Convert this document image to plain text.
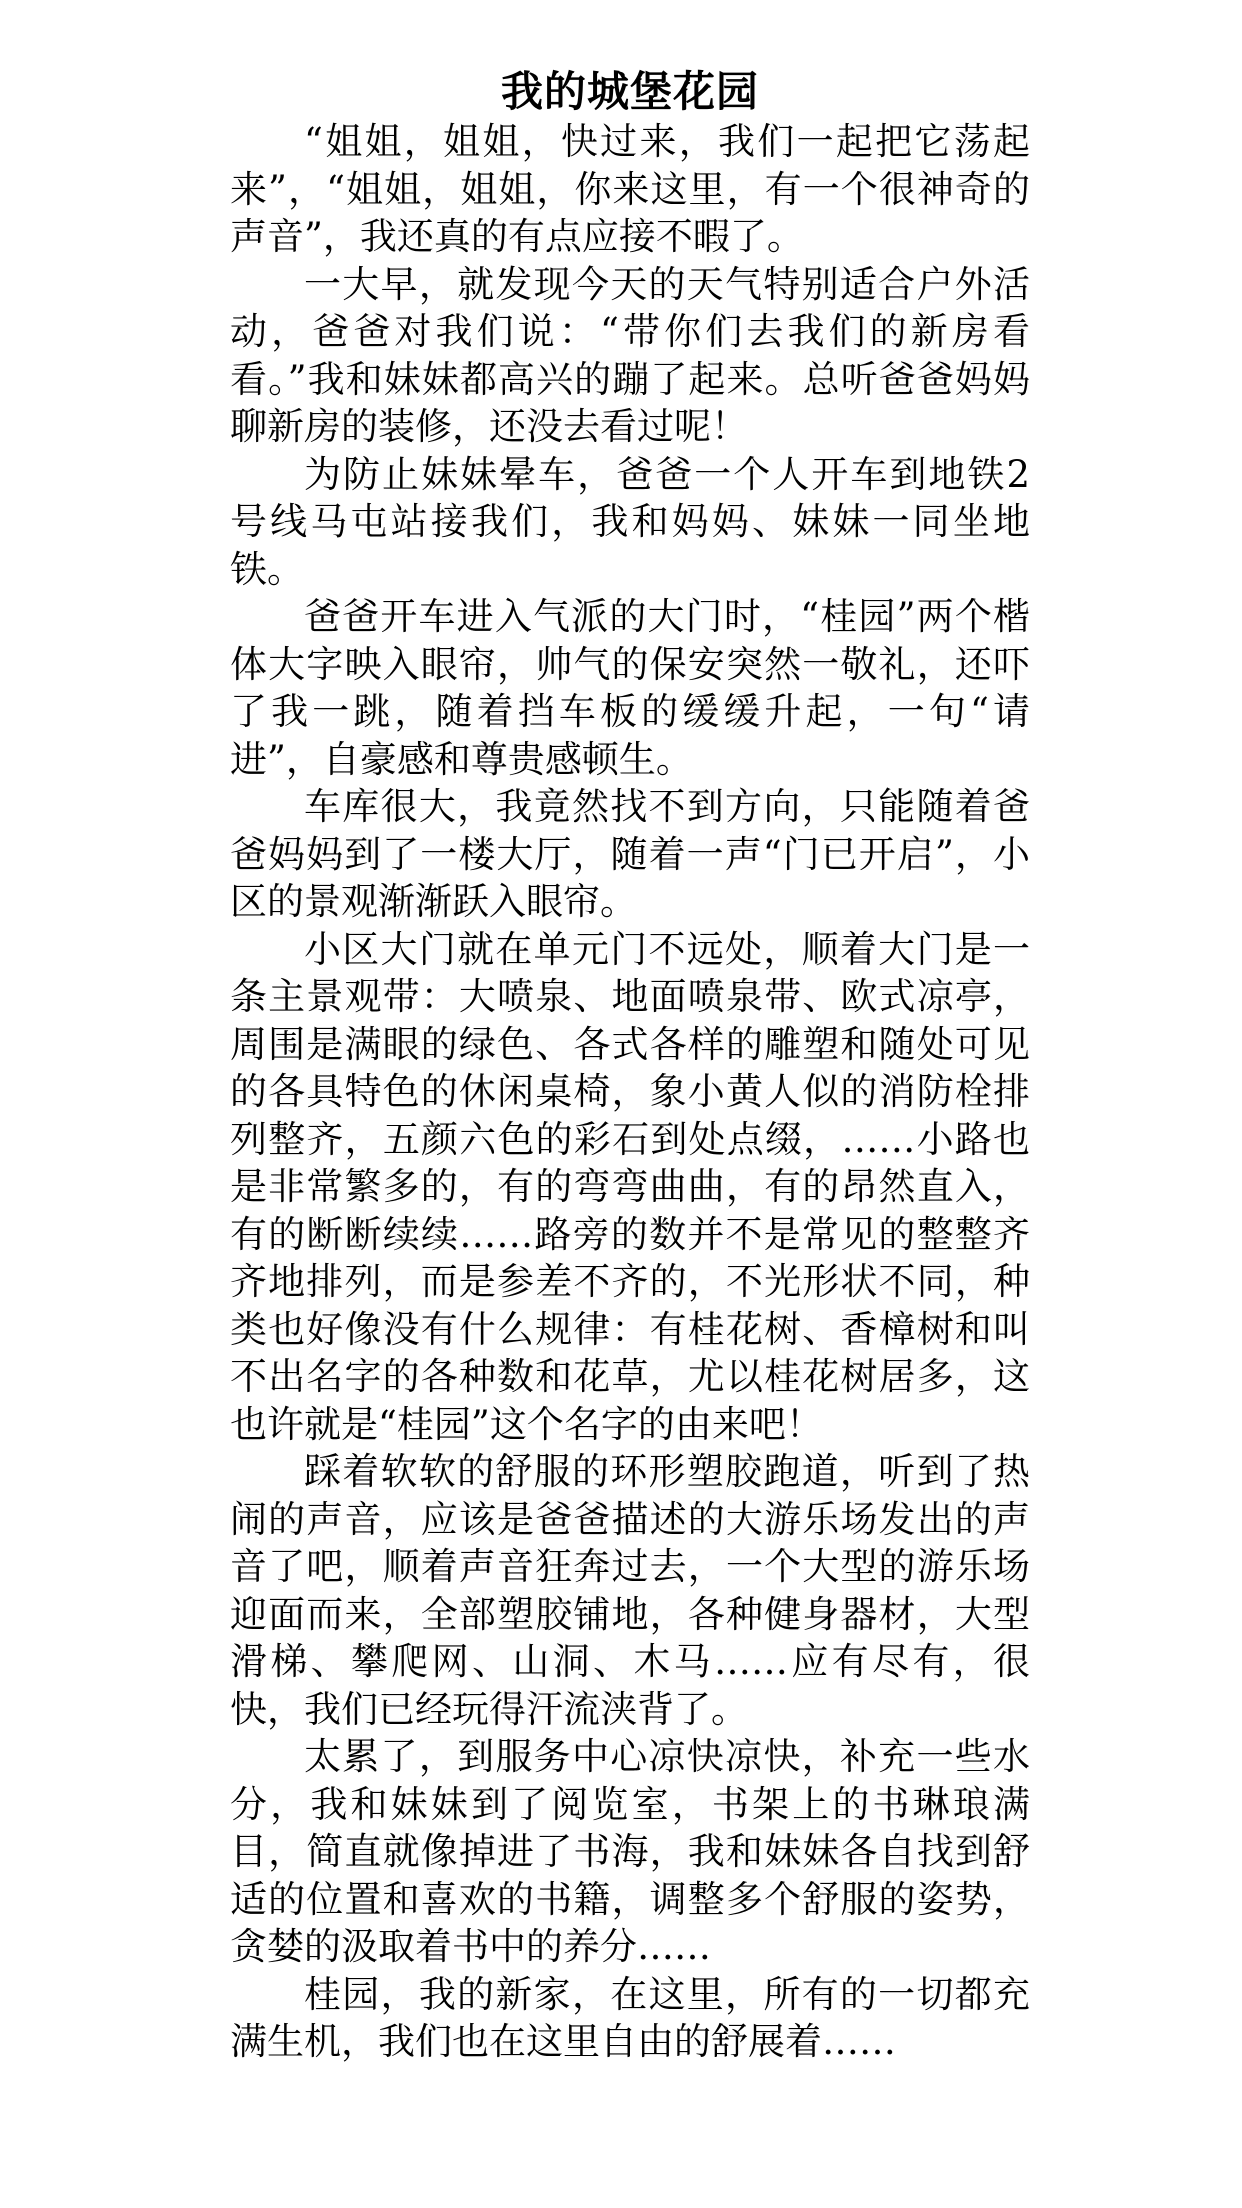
我的城堡花园

“姐姐，姐姐，快过来，我们一起把它荡起来”，“姐姐，姐姐，你来这里，有一个很神奇的声音”，我还真的有点应接不暇了。

一大早，就发现今天的天气特别适合户外活动，爸爸对我们说：“带你们去我们的新房看看。”我和妹妹都高兴的蹦了起来。总听爸爸妈妈聊新房的装修，还没去看过呢！

为防止妹妹晕车，爸爸一个人开车到地铁2号线马屯站接我们，我和妈妈、妹妹一同坐地铁。

爸爸开车进入气派的大门时，“桂园”两个楷体大字映入眼帘，帅气的保安突然一敬礼，还吓了我一跳，随着挡车板的缓缓升起，一句“请进”，自豪感和尊贵感顿生。

车库很大，我竟然找不到方向，只能随着爸爸妈妈到了一楼大厅，随着一声“门已开启”，小区的景观渐渐跃入眼帘。

小区大门就在单元门不远处，顺着大门是一条主景观带：大喷泉、地面喷泉带、欧式凉亭，周围是满眼的绿色、各式各样的雕塑和随处可见的各具特色的休闲桌椅，象小黄人似的消防栓排列整齐，五颜六色的彩石到处点缀，……小路也是非常繁多的，有的弯弯曲曲，有的昂然直入，有的断断续续……路旁的数并不是常见的整整齐齐地排列，而是参差不齐的，不光形状不同，种类也好像没有什么规律：有桂花树、香樟树和叫不出名字的各种数和花草，尤以桂花树居多，这也许就是“桂园”这个名字的由来吧！

踩着软软的舒服的环形塑胶跑道，听到了热闹的声音，应该是爸爸描述的大游乐场发出的声音了吧，顺着声音狂奔过去，一个大型的游乐场迎面而来，全部塑胶铺地，各种健身器材，大型滑梯、攀爬网、山洞、木马……应有尽有，很快，我们已经玩得汗流浃背了。

太累了，到服务中心凉快凉快，补充一些水分，我和妹妹到了阅览室，书架上的书琳琅满目，简直就像掉进了书海，我和妹妹各自找到舒适的位置和喜欢的书籍，调整多个舒服的姿势，贪婪的汲取着书中的养分……

桂园，我的新家，在这里，所有的一切都充满生机，我们也在这里自由的舒展着……
